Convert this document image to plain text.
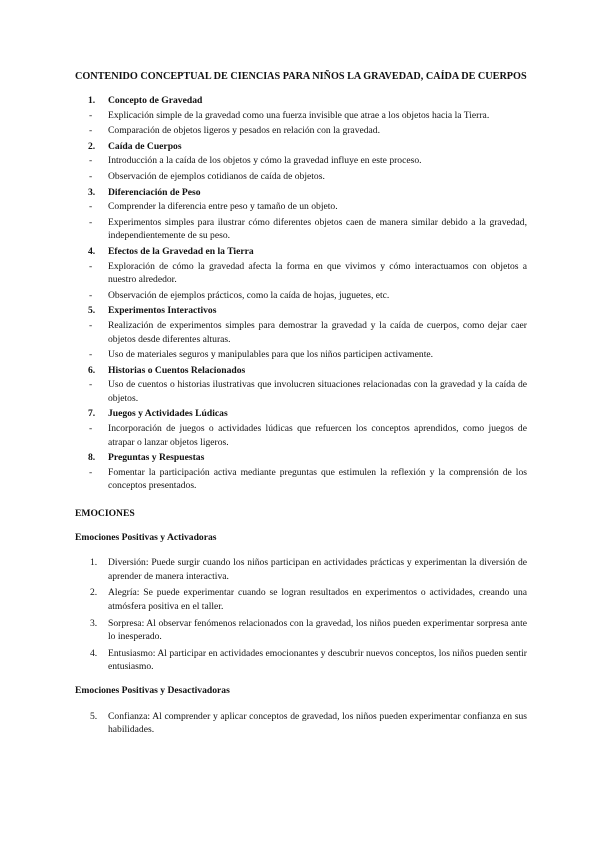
CONTENIDO CONCEPTUAL DE CIENCIAS PARA NIÑOS LA GRAVEDAD, CAÍDA DE CUERPOS
1. Concepto de Gravedad
-	Explicación simple de la gravedad como una fuerza invisible que atrae a los objetos hacia la Tierra.
-	Comparación de objetos ligeros y pesados en relación con la gravedad.
2. Caída de Cuerpos
-	Introducción a la caída de los objetos y cómo la gravedad influye en este proceso.
-	Observación de ejemplos cotidianos de caída de objetos.
3. Diferenciación de Peso
-	Comprender la diferencia entre peso y tamaño de un objeto.
-	Experimentos simples para ilustrar cómo diferentes objetos caen de manera similar debido a la gravedad, independientemente de su peso.
4. Efectos de la Gravedad en la Tierra
-	Exploración de cómo la gravedad afecta la forma en que vivimos y cómo interactuamos con objetos a nuestro alrededor.
-	Observación de ejemplos prácticos, como la caída de hojas, juguetes, etc.
5. Experimentos Interactivos
-	Realización de experimentos simples para demostrar la gravedad y la caída de cuerpos, como dejar caer objetos desde diferentes alturas.
-	Uso de materiales seguros y manipulables para que los niños participen activamente.
6. Historias o Cuentos Relacionados
-	Uso de cuentos o historias ilustrativas que involucren situaciones relacionadas con la gravedad y la caída de objetos.
7. Juegos y Actividades Lúdicas
-	Incorporación de juegos o actividades lúdicas que refuercen los conceptos aprendidos, como juegos de atrapar o lanzar objetos ligeros.
8. Preguntas y Respuestas
-	Fomentar la participación activa mediante preguntas que estimulen la reflexión y la comprensión de los conceptos presentados.
EMOCIONES
Emociones Positivas y Activadoras
1.	Diversión: Puede surgir cuando los niños participan en actividades prácticas y experimentan la diversión de aprender de manera interactiva.
2.	Alegría: Se puede experimentar cuando se logran resultados en experimentos o actividades, creando una atmósfera positiva en el taller.
3.	Sorpresa: Al observar fenómenos relacionados con la gravedad, los niños pueden experimentar sorpresa ante lo inesperado.
4.	Entusiasmo: Al participar en actividades emocionantes y descubrir nuevos conceptos, los niños pueden sentir entusiasmo.
Emociones Positivas y Desactivadoras
5.	Confianza: Al comprender y aplicar conceptos de gravedad, los niños pueden experimentar confianza en sus habilidades.
